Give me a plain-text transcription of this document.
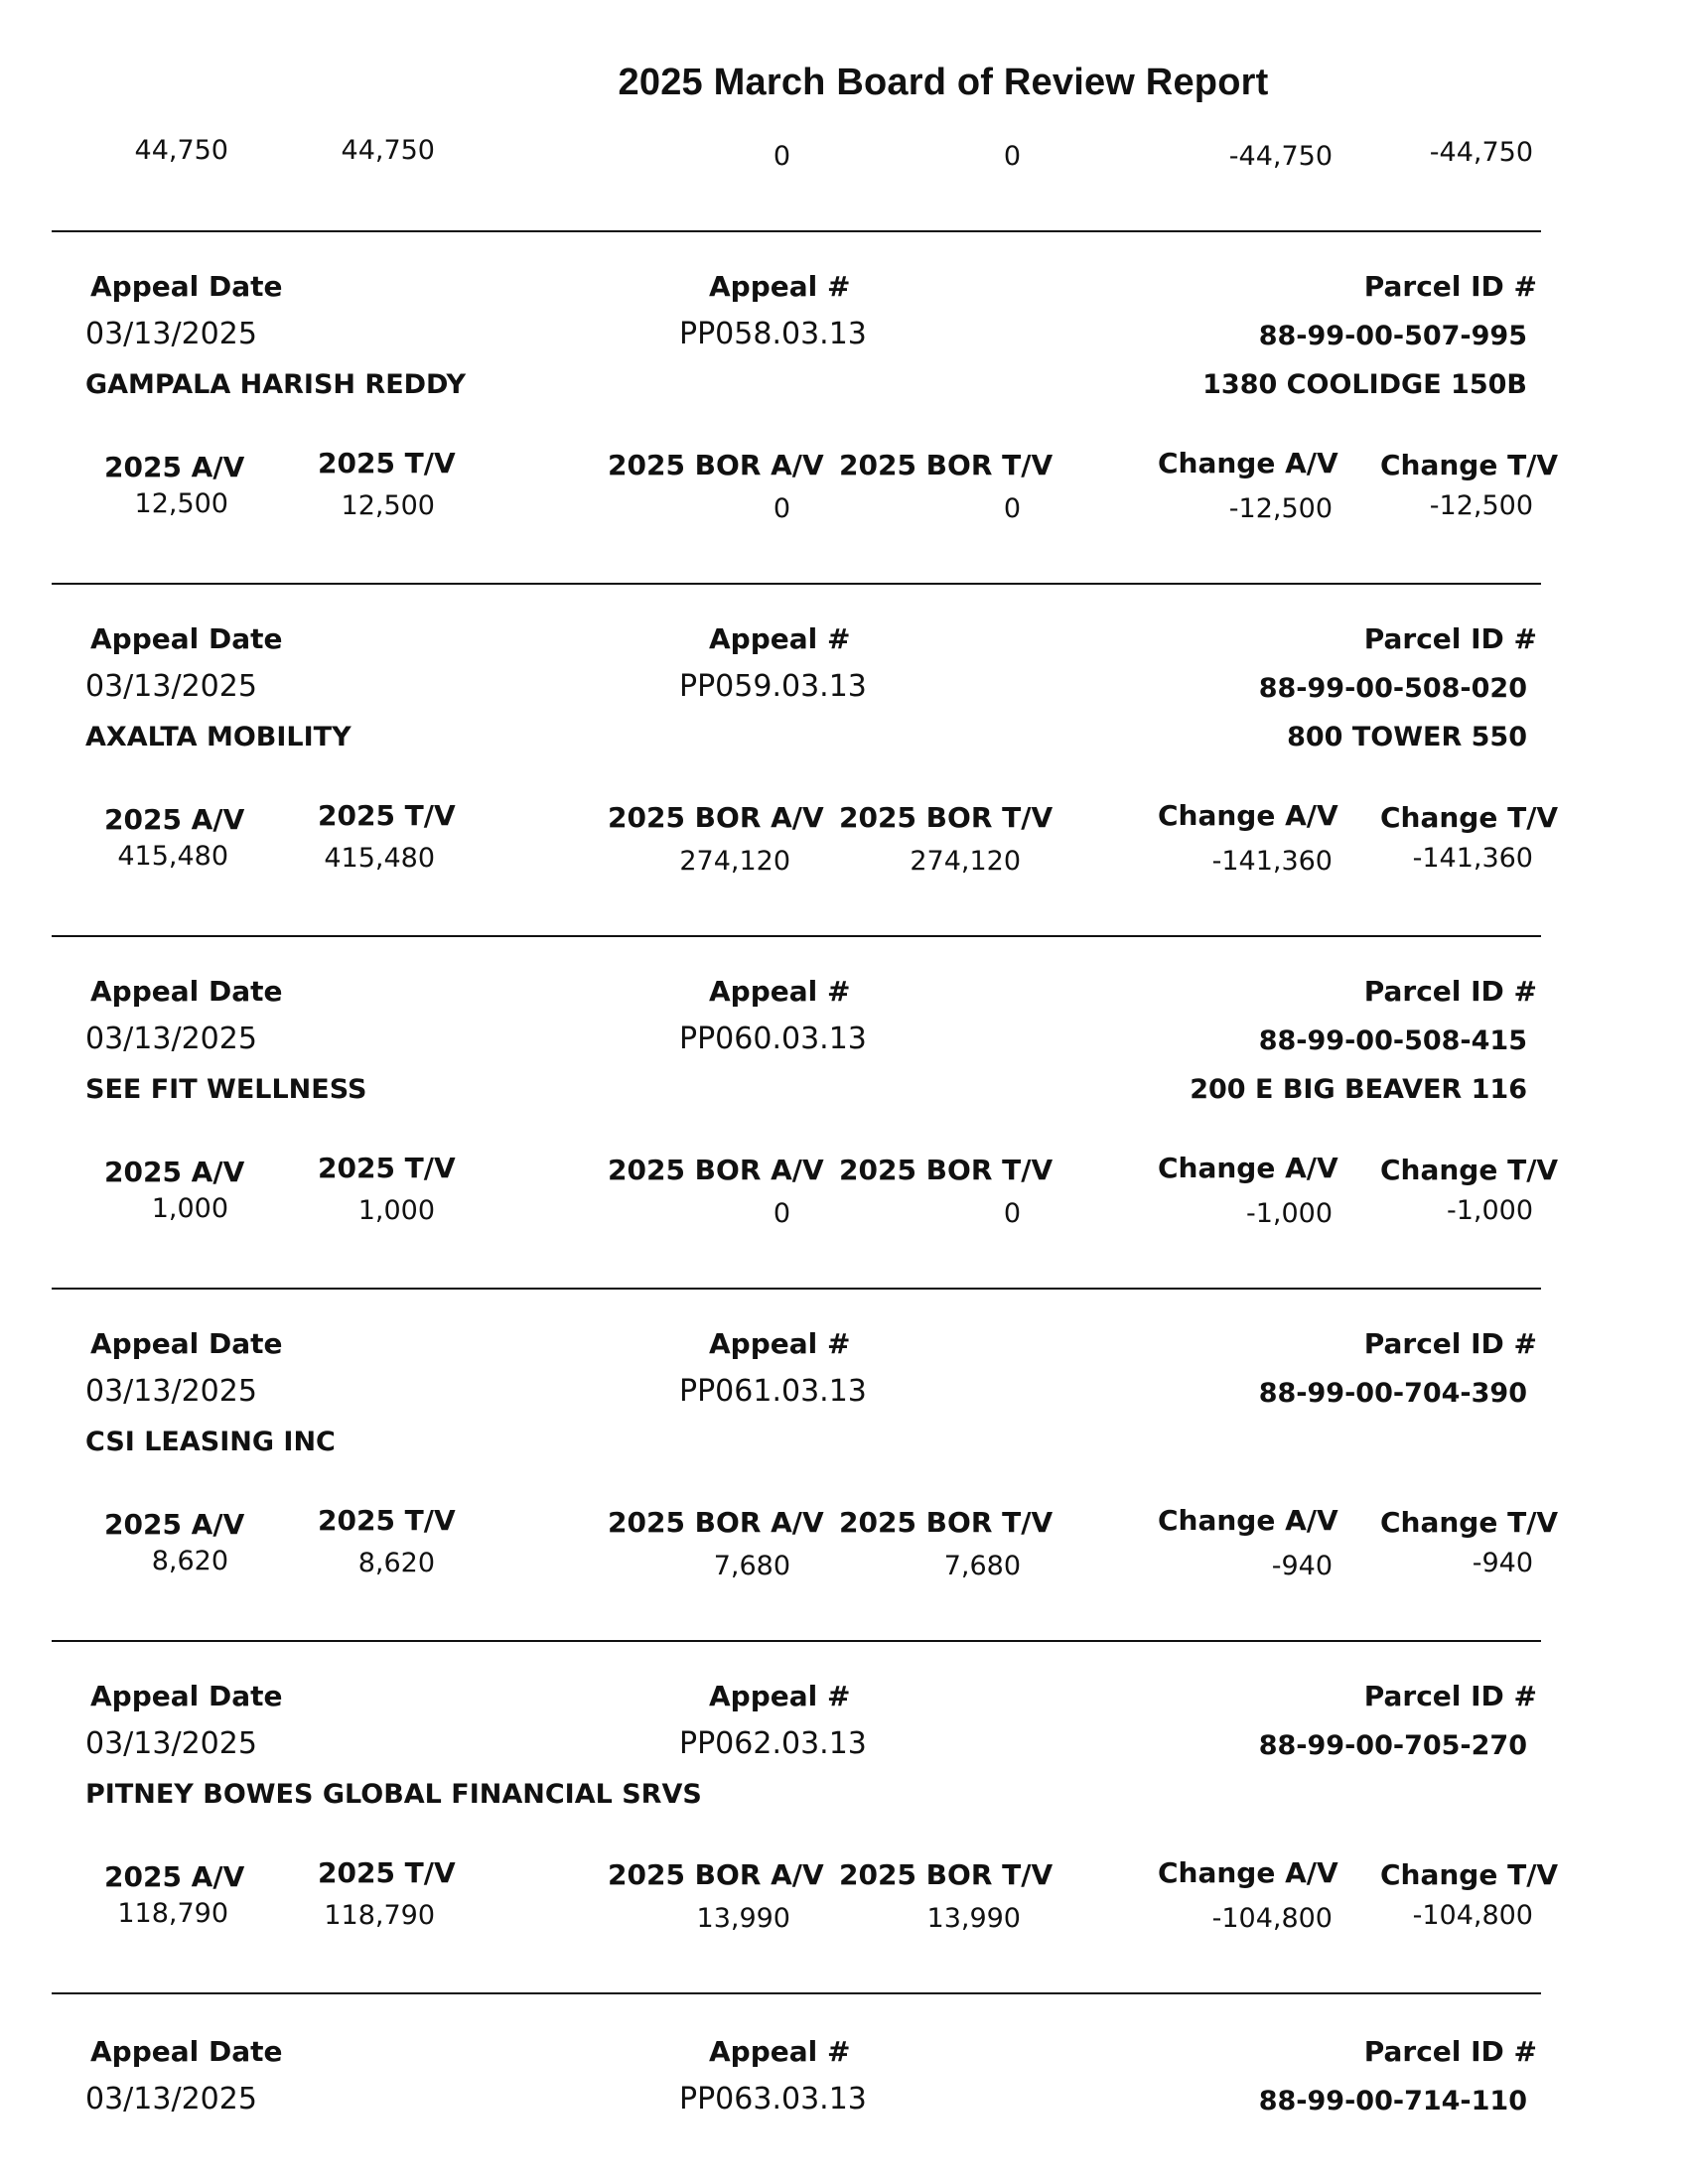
2025 March Board of Review Report
44,750	44,750	0	0	-44,750	-44,750
Appeal Date	Appeal #	Parcel ID #
03/13/2025	PP058.03.13	88-99-00-507-995
GAMPALA HARISH REDDY	1380 COOLIDGE 150B
2025 A/V	2025 T/V	2025 BOR A/V 2025 BOR T/V	Change A/V Change T/V
12,500	12,500	0	0	-12,500	-12,500
Appeal Date	Appeal #	Parcel ID #
03/13/2025	PP059.03.13	88-99-00-508-020
AXALTA MOBILITY	800 TOWER 550
2025 A/V	2025 T/V	2025 BOR A/V 2025 BOR T/V	Change A/V Change T/V
415,480	415,480	274,120	274,120	-141,360	-141,360
Appeal Date	Appeal #	Parcel ID #
03/13/2025	PP060.03.13	88-99-00-508-415
SEE FIT WELLNESS	200 E BIG BEAVER 116
2025 A/V	2025 T/V	2025 BOR A/V 2025 BOR T/V	Change A/V Change T/V
1,000	1,000	0	0	-1,000	-1,000
Appeal Date	Appeal #	Parcel ID #
03/13/2025	PP061.03.13	88-99-00-704-390
CSI LEASING INC
2025 A/V	2025 T/V	2025 BOR A/V 2025 BOR T/V	Change A/V Change T/V
8,620	8,620	7,680	7,680	-940	-940
Appeal Date	Appeal #	Parcel ID #
03/13/2025	PP062.03.13	88-99-00-705-270
PITNEY BOWES GLOBAL FINANCIAL SRVS
2025 A/V	2025 T/V	2025 BOR A/V 2025 BOR T/V	Change A/V Change T/V
118,790	118,790	13,990	13,990	-104,800	-104,800
Appeal Date	Appeal #	Parcel ID #
03/13/2025	PP063.03.13	88-99-00-714-110
